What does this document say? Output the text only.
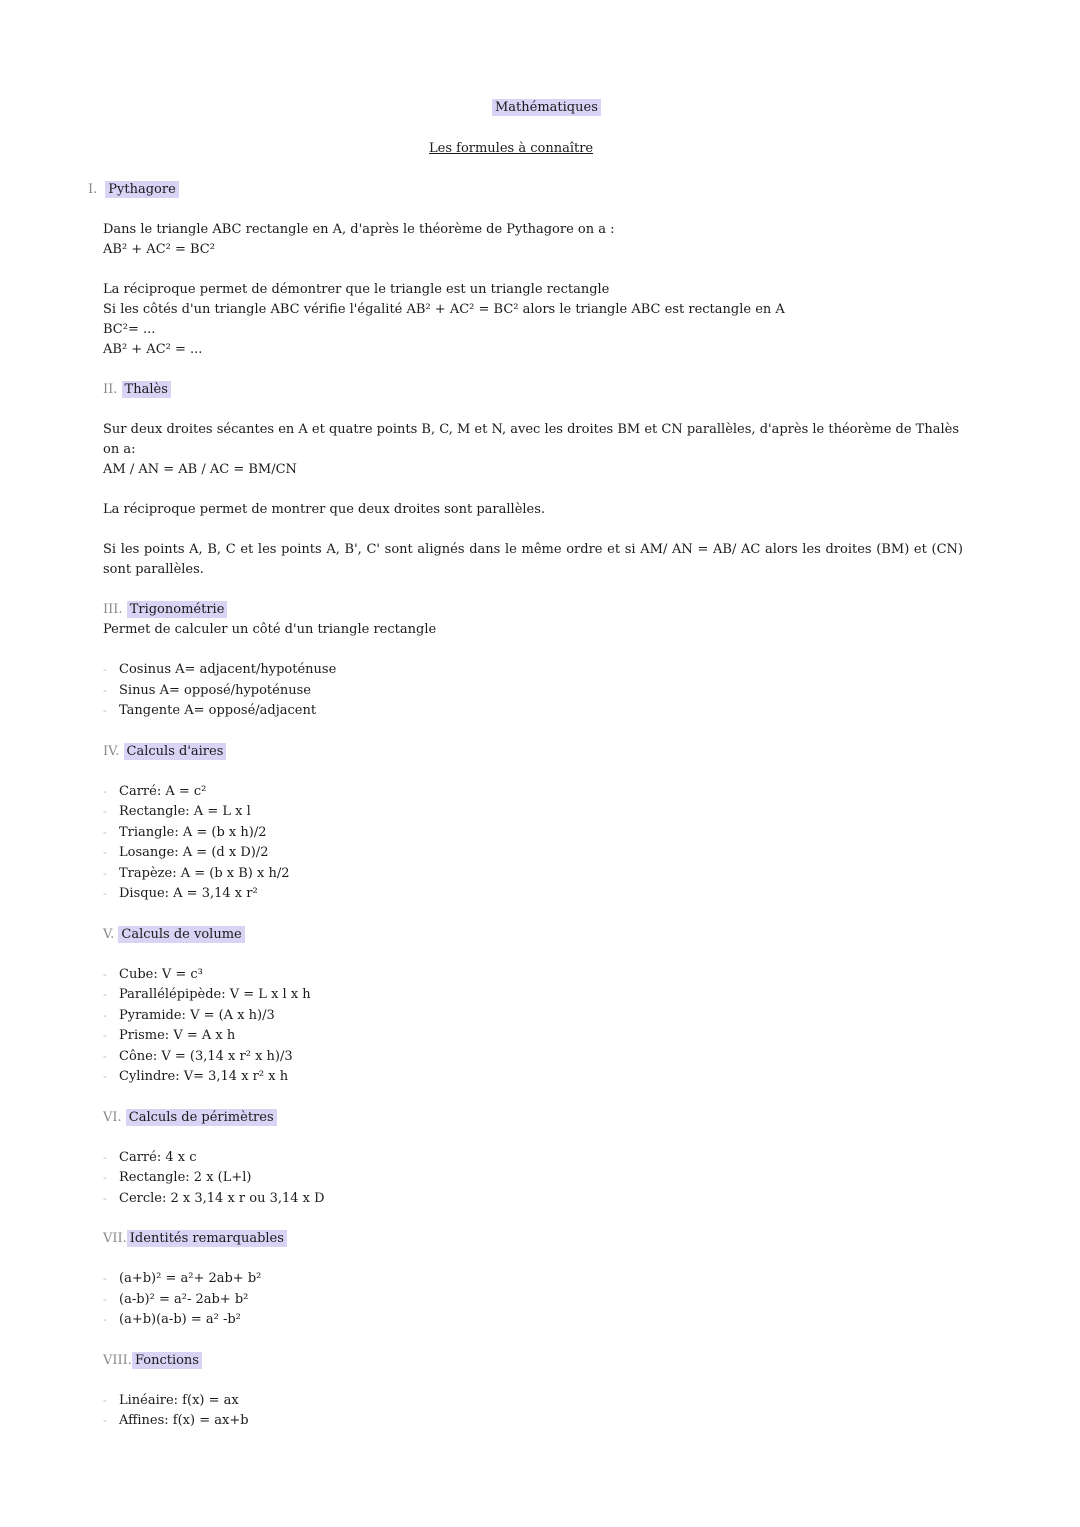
Mathématiques
Les formules à connaître
I. Pythagore

Dans le triangle ABC rectangle en A, d'après le théorème de Pythagore on a :

AB² + AC² = BC²

La réciproque permet de démontrer que le triangle est un triangle rectangle

Si les côtés d'un triangle ABC vérifie l'égalité AB² + AC² = BC² alors le triangle ABC est rectangle en A

BC²= ...

AB² + AC² = ...

II. Thalès

Sur deux droites sécantes en A et quatre points B, C, M et N, avec les droites BM et CN parallèles, d'après le théorème de Thalès on a:

AM / AN = AB / AC = BM/CN

La réciproque permet de montrer que deux droites sont parallèles.

Si les points A, B, C et les points A, B', C' sont alignés dans le même ordre et si AM/ AN = AB/ AC alors les droites (BM) et (CN) sont parallèles.

III. Trigonométrie

Permet de calculer un côté d'un triangle rectangle

- Cosinus A= adjacent/hypoténuse
- Sinus A= opposé/hypoténuse
- Tangente A= opposé/adjacent
IV. Calculs d'aires
- Carré: A = c²
- Rectangle: A = L x l
- Triangle: A = (b x h)/2
- Losange: A = (d x D)/2
- Trapèze: A = (b x B) x h/2
- Disque: A = 3,14 x r²
V. Calculs de volume
- Cube: V = c³
- Parallélépipède: V = L x l x h
- Pyramide: V = (A x h)/3
- Prisme: V = A x h
- Cône: V = (3,14 x r² x h)/3
- Cylindre: V= 3,14 x r² x h
VI. Calculs de périmètres
- Carré: 4 x c
- Rectangle: 2 x (L+l)
- Cercle: 2 x 3,14 x r ou 3,14 x D
VII. Identités remarquables
- (a+b)² = a²+ 2ab+ b²
- (a-b)² = a²- 2ab+ b²
- (a+b)(a-b) = a² -b²
VIII. Fonctions
- Linéaire: f(x) = ax
- Affines: f(x) = ax+b
